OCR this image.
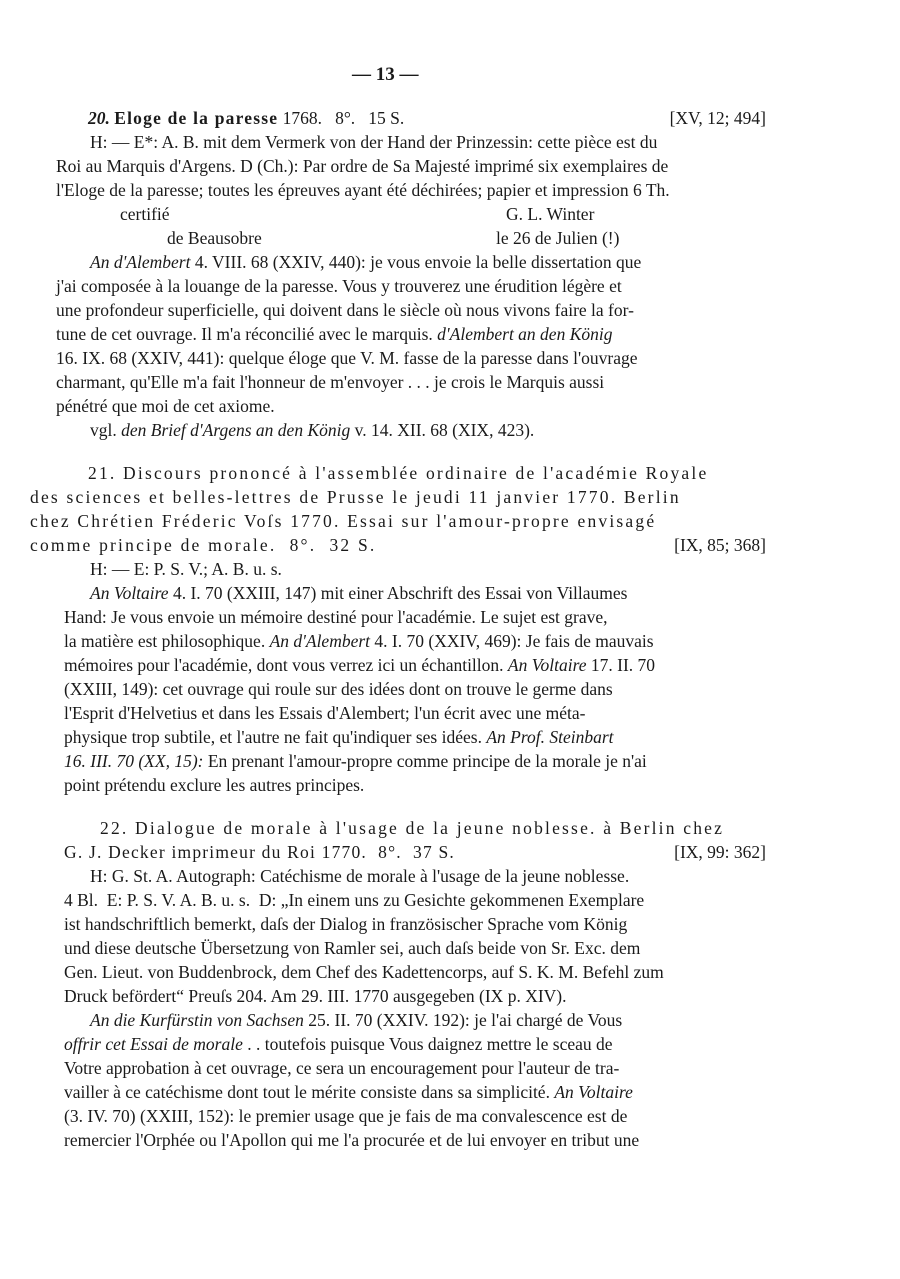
— 13 —
20. Eloge de la paresse 1768.   8°.   15 S.	[XV, 12; 494]
H: — E*: A. B. mit dem Vermerk von der Hand der Prinzessin: cette pièce est du
Roi au Marquis d'Argens. D (Ch.): Par ordre de Sa Majesté imprimé six exemplaires de
l'Eloge de la paresse; toutes les épreuves ayant été déchirées; papier et impression 6 Th.
certifié	G. L. Winter
de Beausobre	le 26 de Julien (!)
An d'Alembert 4. VIII. 68 (XXIV, 440): je vous envoie la belle dissertation que
j'ai composée à la louange de la paresse. Vous y trouverez une érudition légère et
une profondeur superficielle, qui doivent dans le siècle où nous vivons faire la for-
tune de cet ouvrage. Il m'a réconcilié avec le marquis. d'Alembert an den König
16. IX. 68 (XXIV, 441): quelque éloge que V. M. fasse de la paresse dans l'ouvrage
charmant, qu'Elle m'a fait l'honneur de m'envoyer . . . je crois le Marquis aussi
pénétré que moi de cet axiome.
vgl. den Brief d'Argens an den König v. 14. XII. 68 (XIX, 423).
21. Discours prononcé à l'assemblée ordinaire de l'académie Royale
des sciences et belles-lettres de Prusse le jeudi 11 janvier 1770. Berlin
chez Chrétien Fréderic Voſs 1770. Essai sur l'amour-propre envisagé
comme principe de morale.  8°.  32 S.	[IX, 85; 368]
H: — E: P. S. V.; A. B. u. s.
An Voltaire 4. I. 70 (XXIII, 147) mit einer Abschrift des Essai von Villaumes
Hand: Je vous envoie un mémoire destiné pour l'académie. Le sujet est grave,
la matière est philosophique. An d'Alembert 4. I. 70 (XXIV, 469): Je fais de mauvais
mémoires pour l'académie, dont vous verrez ici un échantillon. An Voltaire 17. II. 70
(XXIII, 149): cet ouvrage qui roule sur des idées dont on trouve le germe dans
l'Esprit d'Helvetius et dans les Essais d'Alembert; l'un écrit avec une méta-
physique trop subtile, et l'autre ne fait qu'indiquer ses idées. An Prof. Steinbart
16. III. 70 (XX, 15): En prenant l'amour-propre comme principe de la morale je n'ai
point prétendu exclure les autres principes.
22. Dialogue de morale à l'usage de la jeune noblesse. à Berlin chez
G. J. Decker imprimeur du Roi 1770.  8°.  37 S.	[IX, 99: 362]
H: G. St. A. Autograph: Catéchisme de morale à l'usage de la jeune noblesse.
4 Bl.  E: P. S. V. A. B. u. s.  D: „In einem uns zu Gesichte gekommenen Exemplare
ist handschriftlich bemerkt, daſs der Dialog in französischer Sprache vom König
und diese deutsche Übersetzung von Ramler sei, auch daſs beide von Sr. Exc. dem
Gen. Lieut. von Buddenbrock, dem Chef des Kadettencorps, auf S. K. M. Befehl zum
Druck befördert“ Preuſs 204. Am 29. III. 1770 ausgegeben (IX p. XIV).
An die Kurfürstin von Sachsen 25. II. 70 (XXIV. 192): je l'ai chargé de Vous
offrir cet Essai de morale . . toutefois puisque Vous daignez mettre le sceau de
Votre approbation à cet ouvrage, ce sera un encouragement pour l'auteur de tra-
vailler à ce catéchisme dont tout le mérite consiste dans sa simplicité. An Voltaire
(3. IV. 70) (XXIII, 152): le premier usage que je fais de ma convalescence est de
remercier l'Orphée ou l'Apollon qui me l'a procurée et de lui envoyer en tribut une
